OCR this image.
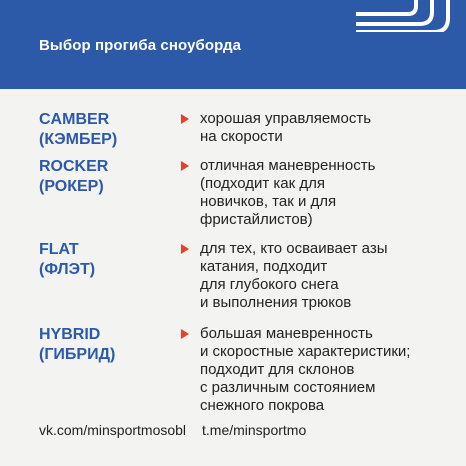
Выбор прогиба сноуборда
CAMBER
(КЭМБЕР)
хорошая управляемость
на скорости
ROCKER
(РОКЕР)
отличная маневренность
(подходит как для
новичков, так и для
фристайлистов)
FLAT
(ФЛЭТ)
для тех, кто осваивает азы
катания, подходит
для глубокого снега
и выполнения трюков
HYBRID
(ГИБРИД)
большая маневренность
и скоростные характеристики;
подходит для склонов
с различным состоянием
снежного покрова
vk.com/minsportmosobl t.me/minsportmo
